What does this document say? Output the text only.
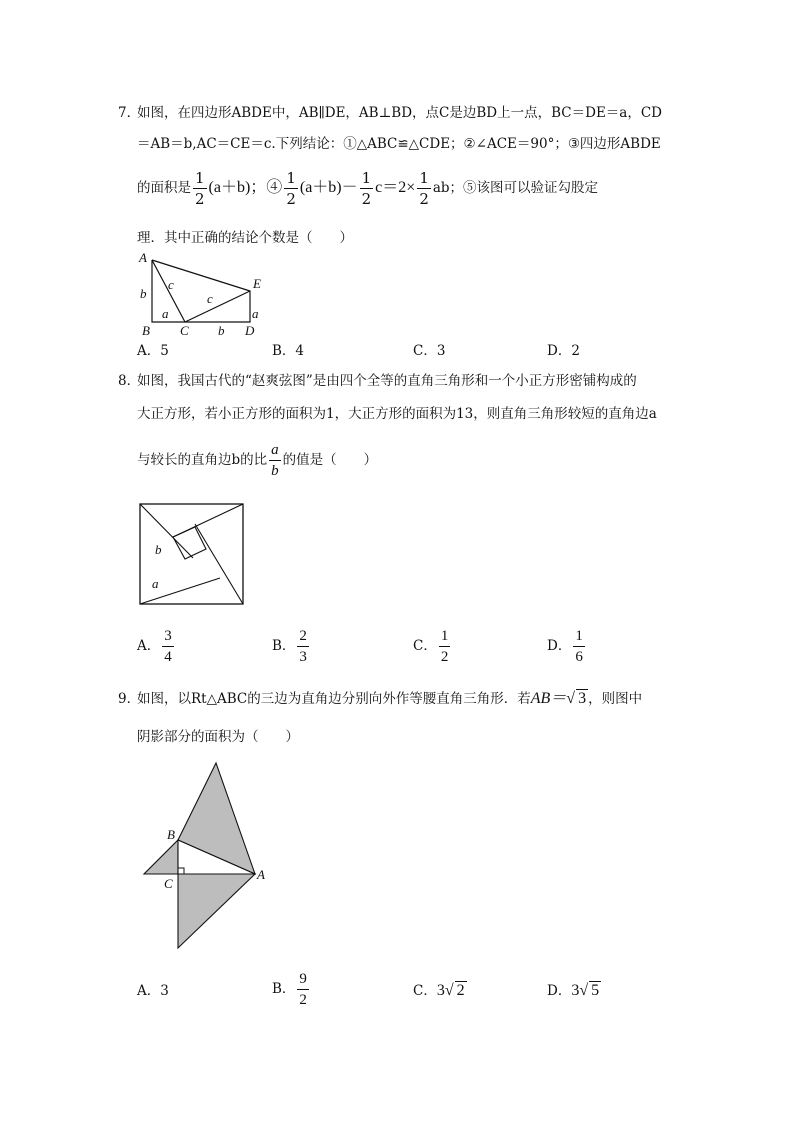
7．
如图，在四边形ABDE中，AB∥DE，AB⊥BD，点C是边BD上一点，BC＝DE＝a，CD
＝AB＝b,AC＝CE＝c.下列结论：①△ABC≌△CDE；②∠ACE＝90°；③四边形ABDE
的面积是 $\frac{1}{2} (a+b)$；④ $\frac{1}{2} (a+b)- \frac{1}{2} c=2\times \frac{1}{2}$ ab；⑤该图可以验证勾股定
理．其中正确的结论个数是（　　）
A
b
c
c
E
a	a
B C b D
A．5	B．4	C．3	D．2
8．
如图，我国古代的“赵爽弦图”是由四个全等的直角三角形和一个小正方形密铺构成的
大正方形，若小正方形的面积为1，大正方形的面积为13，则直角三角形较短的直角边a
与较长的直角边b的比 $\frac{a}{b}$ 的值是（　　）
b
a
A． $\frac{3}{4}$	B． $\frac{2}{3}$	C． $\frac{1}{2}$	D． $\frac{1}{6}$
9．
如图，以Rt△ABC的三边为直角边分别向外作等腰直角三角形．若AB＝√ 3 ，则图中
阴影部分的面积为（　　）
B
C
A
A．3	B． $\frac{9}{2}$	C．3√ 2	D．3√ 5
